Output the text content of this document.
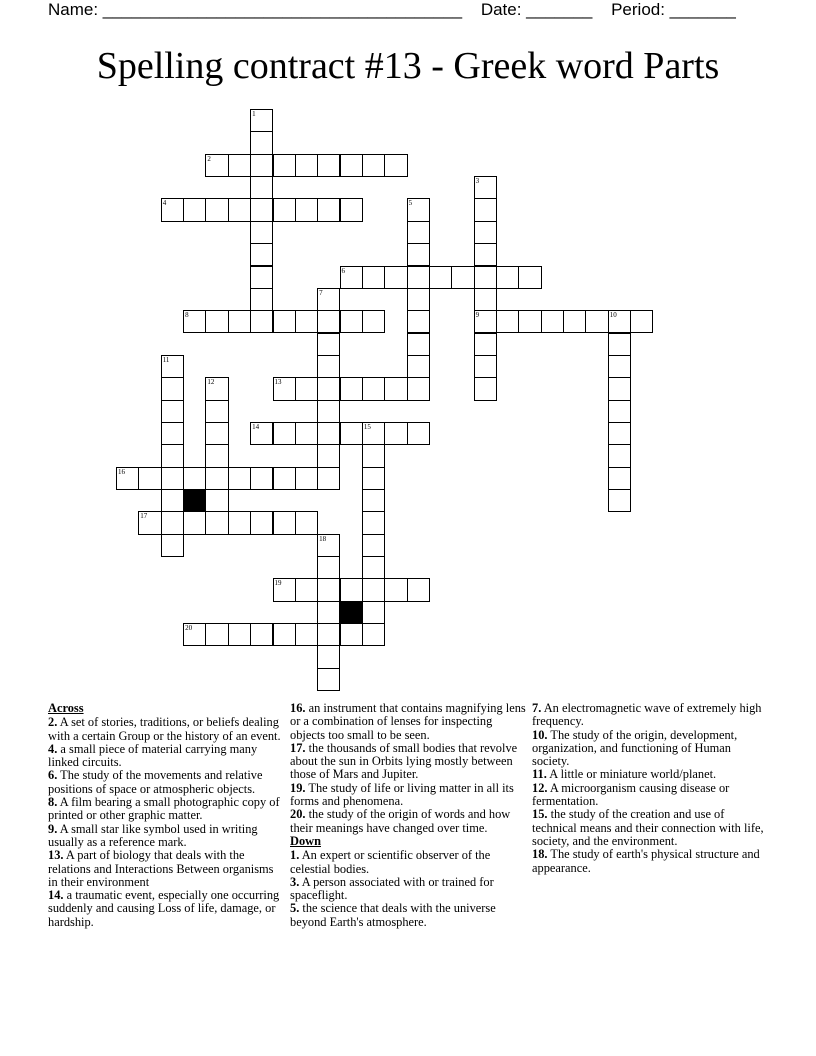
Name: ______________________________________ Date: _______ Period: _______
Spelling contract #13 - Greek word Parts
2
4
6
8	9
13
14
16
17
19
20
1
3
5
7
10
11
12
15
18
Across
2. A set of stories, traditions, or beliefs dealing with a certain Group or the history of an event.
4. a small piece of material carrying many linked circuits.
6. The study of the movements and relative positions of space or atmospheric objects.
8. A film bearing a small photographic copy of printed or other graphic matter.
9. A small star like symbol used in writing usually as a reference mark.
13. A part of biology that deals with the relations and Interactions Between organisms in their environment
14. a traumatic event, especially one occurring suddenly and causing Loss of life, damage, or hardship.
16. an instrument that contains magnifying lens or a combination of lenses for inspecting objects too small to be seen.
17. the thousands of small bodies that revolve about the sun in Orbits lying mostly between those of Mars and Jupiter.
19. The study of life or living matter in all its forms and phenomena.
20. the study of the origin of words and how their meanings have changed over time.
Down
1. An expert or scientific observer of the celestial bodies.
3. A person associated with or trained for spaceflight.
5. the science that deals with the universe beyond Earth's atmosphere.
7. An electromagnetic wave of extremely high frequency.
10. The study of the origin, development, organization, and functioning of Human society.
11. A little or miniature world/planet.
12. A microorganism causing disease or fermentation.
15. the study of the creation and use of technical means and their connection with life, society, and the environment.
18. The study of earth's physical structure and appearance.
